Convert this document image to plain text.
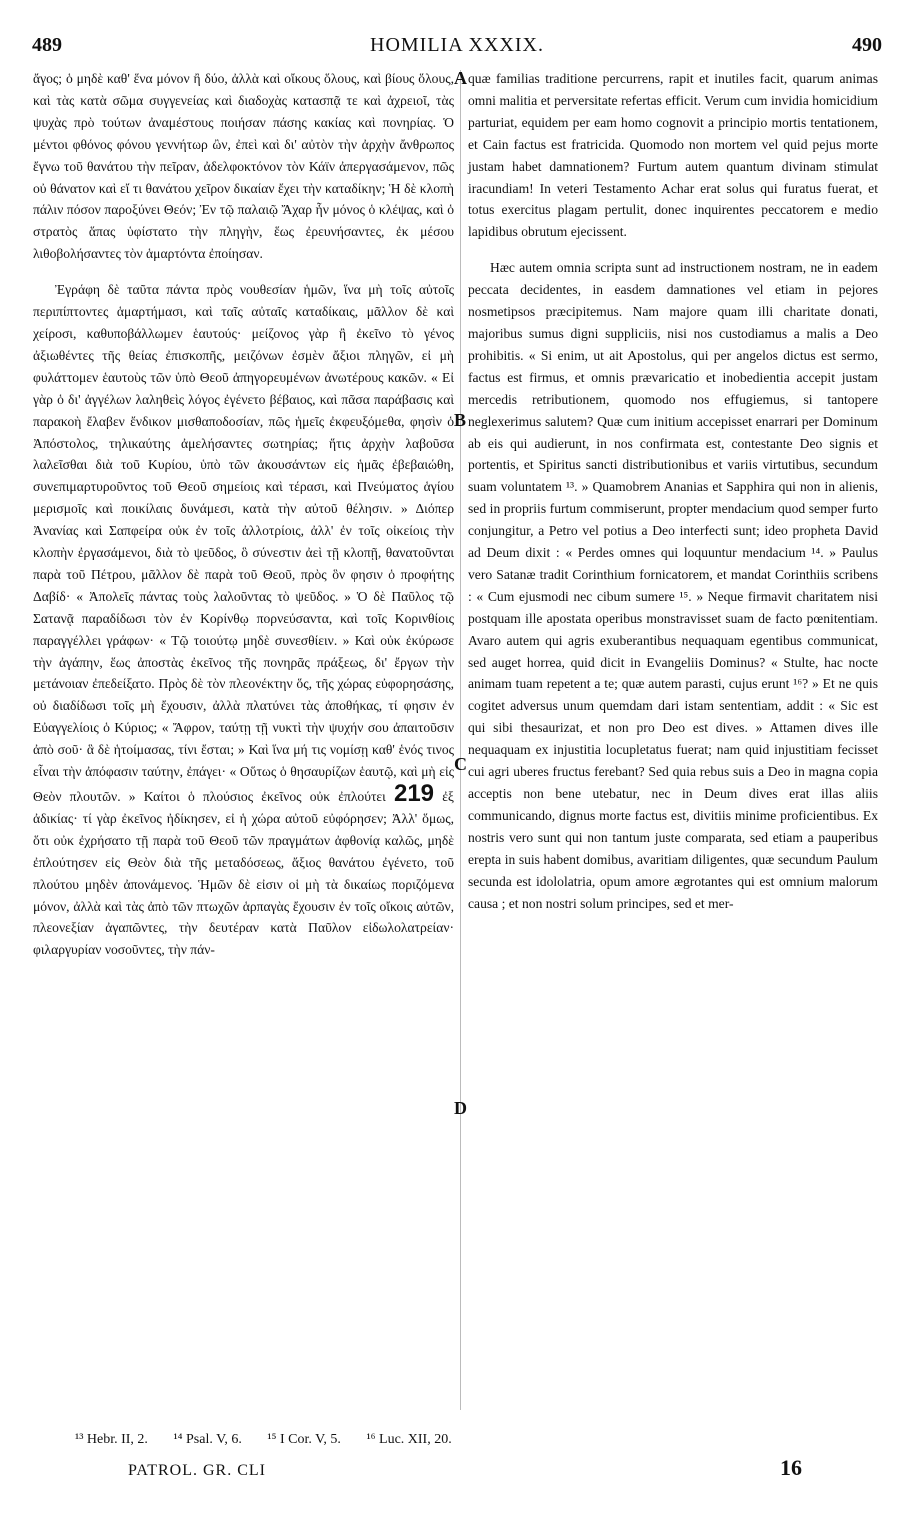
489	HOMILIA XXXIX.	490
A
B
C
D

ἄγος; ὁ μηδὲ καθ' ἕνα μόνον ἢ δύο, ἀλλὰ καὶ οἴκους ὅλους, καὶ βίους ὅλους, καὶ τὰς κατὰ σῶμα συγγενείας καὶ διαδοχὰς κατασπᾷ τε καὶ ἀχρειοῖ, τὰς ψυχὰς πρὸ τούτων ἀναμέστους ποιήσαν πάσης κακίας καὶ πονηρίας. Ὁ μέντοι φθόνος φόνου γεννήτωρ ὢν, ἐπεὶ καὶ δι' αὐτὸν τὴν ἀρχὴν ἄνθρωπος ἔγνω τοῦ θανάτου τὴν πεῖραν, ἀδελφοκτόνον τὸν Κάϊν ἀπεργασάμενον, πῶς οὐ θάνατον καὶ εἴ τι θανάτου χεῖρον δικαίαν ἔχει τὴν καταδίκην; Ἡ δὲ κλοπὴ πάλιν πόσον παροξύνει Θεόν; Ἐν τῷ παλαιῷ Ἄχαρ ἦν μόνος ὁ κλέψας, καὶ ὁ στρατὸς ἅπας ὑφίστατο τὴν πληγὴν, ἕως ἐρευνήσαντες, ἐκ μέσου λιθοβολήσαντες τὸν ἁμαρτόντα ἐποίησαν.

Ἐγράφη δὲ ταῦτα πάντα πρὸς νουθεσίαν ἡμῶν, ἵνα μὴ τοῖς αὐτοῖς περιπίπτοντες ἁμαρτήμασι, καὶ ταῖς αὐταῖς καταδίκαις, μᾶλλον δὲ καὶ χείροσι, καθυποβάλλωμεν ἑαυτούς· μείζονος γὰρ ἢ ἐκεῖνο τὸ γένος ἀξιωθέντες τῆς θείας ἐπισκοπῆς, μειζόνων ἐσμὲν ἄξιοι πληγῶν, εἰ μὴ φυλάττομεν ἑαυτοὺς τῶν ὑπὸ Θεοῦ ἀπηγορευμένων ἀνωτέρους κακῶν. « Εἰ γὰρ ὁ δι' ἀγγέλων λαληθεὶς λόγος ἐγένετο βέβαιος, καὶ πᾶσα παράβασις καὶ παρακοὴ ἔλαβεν ἔνδικον μισθαποδοσίαν, πῶς ἡμεῖς ἐκφευξόμεθα, φησὶν ὁ Ἀπόστολος, τηλικαύτης ἀμελήσαντες σωτηρίας; ἥτις ἀρχὴν λαβοῦσα λαλεῖσθαι διὰ τοῦ Κυρίου, ὑπὸ τῶν ἀκουσάντων εἰς ἡμᾶς ἐβεβαιώθη, συνεπιμαρτυροῦντος τοῦ Θεοῦ σημείοις καὶ τέρασι, καὶ Πνεύματος ἁγίου μερισμοῖς καὶ ποικίλαις δυνάμεσι, κατὰ τὴν αὐτοῦ θέλησιν. » Διόπερ Ἀνανίας καὶ Σαπφείρα οὐκ ἐν τοῖς ἀλλοτρίοις, ἀλλ' ἐν τοῖς οἰκείοις τὴν κλοπὴν ἐργασάμενοι, διὰ τὸ ψεῦδος, ὃ σύνεστιν ἀεὶ τῇ κλοπῇ, θανατοῦνται παρὰ τοῦ Πέτρου, μᾶλλον δὲ παρὰ τοῦ Θεοῦ, πρὸς ὃν φησιν ὁ προφήτης Δαβίδ· « Ἀπολεῖς πάντας τοὺς λαλοῦντας τὸ ψεῦδος. » Ὁ δὲ Παῦλος τῷ Σατανᾷ παραδίδωσι τὸν ἐν Κορίνθῳ πορνεύσαντα, καὶ τοῖς Κορινθίοις παραγγέλλει γράφων· « Τῷ τοιούτῳ μηδὲ συνεσθίειν. » Καὶ οὐκ ἐκύρωσε τὴν ἀγάπην, ἕως ἀποστὰς ἐκεῖνος τῆς πονηρᾶς πράξεως, δι' ἔργων τὴν μετάνοιαν ἐπεδείξατο. Πρὸς δὲ τὸν πλεονέκτην ὅς, τῆς χώρας εὐφορησάσης, οὐ διαδίδωσι τοῖς μὴ ἔχουσιν, ἀλλὰ πλατύνει τὰς ἀποθήκας, τί φησιν ἐν Εὐαγγελίοις ὁ Κύριος; « Ἄφρον, ταύτῃ τῇ νυκτὶ τὴν ψυχήν σου ἀπαιτοῦσιν ἀπὸ σοῦ· ἃ δὲ ἡτοίμασας, τίνι ἔσται; » Καὶ ἵνα μή τις νομίσῃ καθ' ἑνός τινος εἶναι τὴν ἀπόφασιν ταύτην, ἐπάγει· « Οὕτως ὁ θησαυρίζων ἑαυτῷ, καὶ μὴ εἰς Θεὸν πλουτῶν. » Καίτοι ὁ πλούσιος ἐκεῖνος οὐκ ἐπλούτει 219 ἐξ ἀδικίας· τί γὰρ ἐκεῖνος ἠδίκησεν, εἰ ἡ χώρα αὐτοῦ εὐφόρησεν; Ἀλλ' ὅμως, ὅτι οὐκ ἐχρήσατο τῇ παρὰ τοῦ Θεοῦ τῶν πραγμάτων ἀφθονίᾳ καλῶς, μηδὲ ἐπλούτησεν εἰς Θεὸν διὰ τῆς μεταδόσεως, ἄξιος θανάτου ἐγένετο, τοῦ πλούτου μηδὲν ἀπονάμενος. Ἡμῶν δὲ εἰσιν οἱ μὴ τὰ δικαίως ποριζόμενα μόνον, ἀλλὰ καὶ τὰς ἀπὸ τῶν πτωχῶν ἁρπαγὰς ἔχουσιν ἐν τοῖς οἴκοις αὐτῶν, πλεονεξίαν ἀγαπῶντες, τὴν δευτέραν κατὰ Παῦλον εἰδωλολατρείαν· φιλαργυρίαν νοσοῦντες, τὴν πάν-

quæ familias traditione percurrens, rapit et inutiles facit, quarum animas omni malitia et perversitate refertas efficit. Verum cum invidia homicidium parturiat, equidem per eam homo cognovit a principio mortis tentationem, et Cain factus est fratricida. Quomodo non mortem vel quid pejus morte justam habet damnationem? Furtum autem quantum divinam stimulat iracundiam! In veteri Testamento Achar erat solus qui furatus fuerat, et totus exercitus plagam pertulit, donec inquirentes peccatorem e medio lapidibus obrutum ejecissent.

Hæc autem omnia scripta sunt ad instructionem nostram, ne in eadem peccata decidentes, in easdem damnationes vel etiam in pejores nosmetipsos præcipitemus. Nam majore quam illi charitate donati, majoribus sumus digni suppliciis, nisi nos custodiamus a malis a Deo prohibitis. « Si enim, ut ait Apostolus, qui per angelos dictus est sermo, factus est firmus, et omnis prævaricatio et inobedientia accepit justam mercedis retributionem, quomodo nos effugiemus, si tantopere neglexerimus salutem? Quæ cum initium accepisset enarrari per Dominum ab eis qui audierunt, in nos confirmata est, contestante Deo signis et portentis, et Spiritus sancti distributionibus et variis virtutibus, secundum suam voluntatem ¹³. » Quamobrem Ananias et Sapphira qui non in alienis, sed in propriis furtum commiserunt, propter mendacium quod semper furto conjungitur, a Petro vel potius a Deo interfecti sunt; ideo propheta David ad Deum dixit : « Perdes omnes qui loquuntur mendacium ¹⁴. » Paulus vero Satanæ tradit Corinthium fornicatorem, et mandat Corinthiis scribens : « Cum ejusmodi nec cibum sumere ¹⁵. » Neque firmavit charitatem nisi postquam ille apostata operibus monstravisset suam de facto pœnitentiam. Avaro autem qui agris exuberantibus nequaquam egentibus communicat, sed auget horrea, quid dicit in Evangeliis Dominus? « Stulte, hac nocte animam tuam repetent a te; quæ autem parasti, cujus erunt ¹⁶? » Et ne quis cogitet adversus unum quemdam dari istam sententiam, addit : « Sic est qui sibi thesaurizat, et non pro Deo est dives. » Attamen dives ille nequaquam ex injustitia locupletatus fuerat; nam quid injustitiam fecisset cui agri uberes fructus ferebant? Sed quia rebus suis a Deo in magna copia acceptis non bene utebatur, nec in Deum dives erat illas aliis communicando, dignus morte factus est, divitiis minime proficientibus. Ex nostris vero sunt qui non tantum juste comparata, sed etiam a pauperibus erepta in suis habent domibus, avaritiam diligentes, quæ secundum Paulum secunda est idololatria, opum amore ægrotantes qui est omnium malorum causa ; et non nostri solum principes, sed et mer-

¹³ Hebr. II, 2. ¹⁴ Psal. V, 6. ¹⁵ I Cor. V, 5. ¹⁶ Luc. XII, 20.
PATROL. GR. CLI	16
